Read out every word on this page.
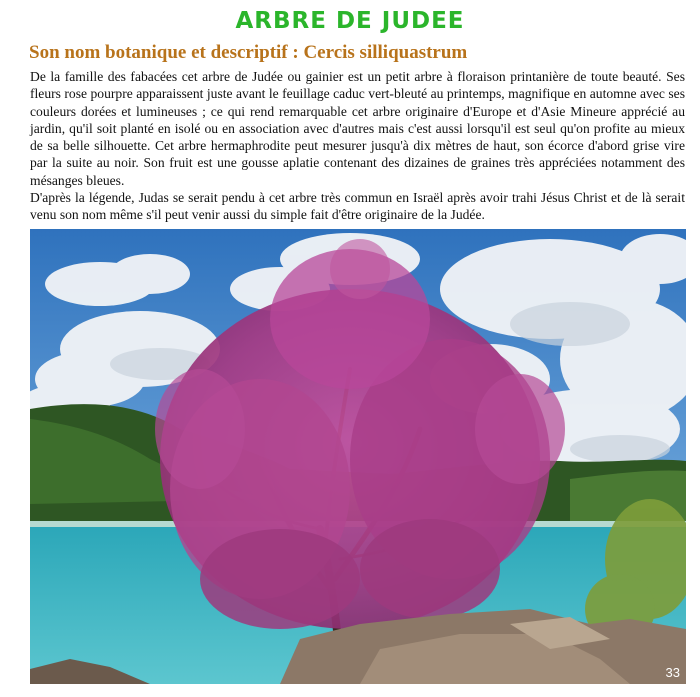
ARBRE DE JUDEE
Son nom botanique et descriptif : Cercis silliquastrum

De la famille des fabacées cet arbre de Judée ou gainier est un petit arbre à floraison printanière de toute beauté. Ses fleurs rose pourpre apparaissent juste avant le feuillage caduc vert-bleuté au printemps, magnifique en automne avec ses couleurs dorées et lumineuses ; ce qui rend remarquable cet arbre originaire d'Europe et d'Asie Mineure apprécié au jardin, qu'il soit planté en isolé ou en association avec d'autres mais c'est aussi lorsqu'il est seul qu'on profite au mieux de sa belle silhouette. Cet arbre hermaphrodite peut mesurer jusqu'à dix mètres de haut, son écorce d'abord grise vire par la suite au noir. Son fruit est une gousse aplatie contenant des dizaines de graines très appréciées notamment des mésanges bleues.

D'après la légende, Judas se serait pendu à cet arbre très commun en Israël après avoir trahi Jésus Christ et de là serait venu son nom même s'il peut venir aussi du simple fait d'être originaire de la Judée.

33
